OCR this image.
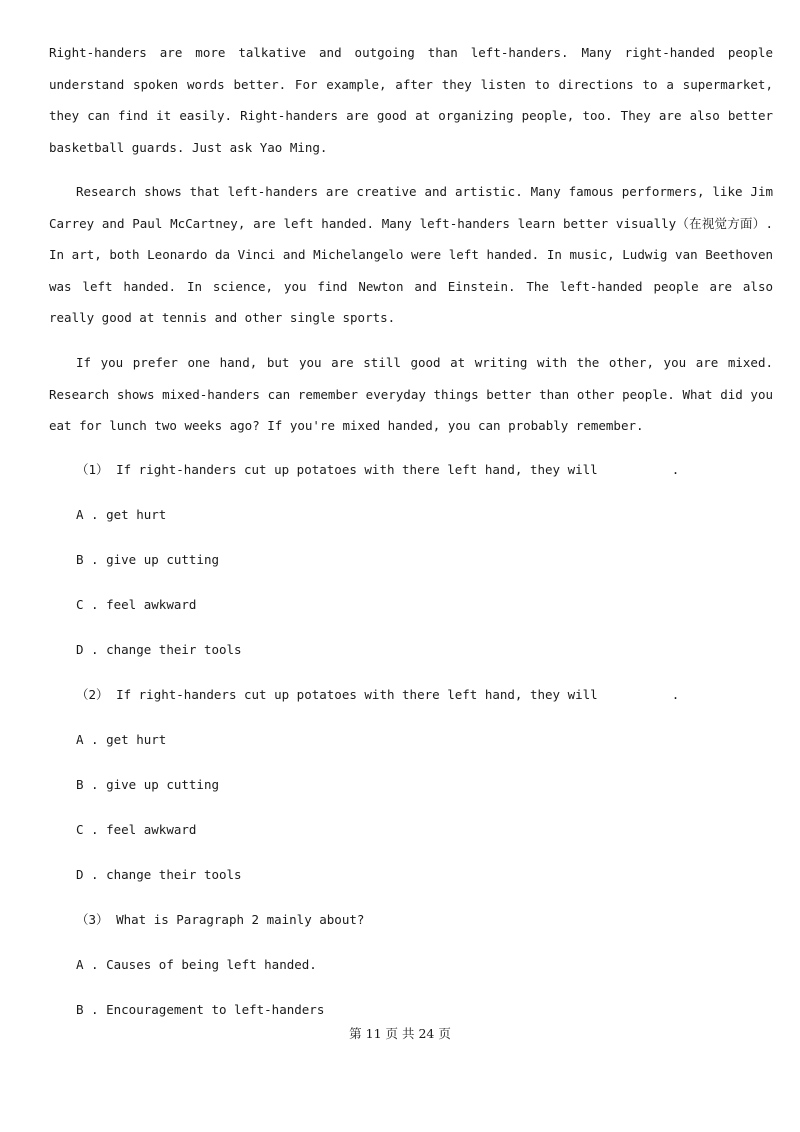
Right-handers are more talkative and outgoing than left-handers. Many right-handed people understand spoken words better. For example, after they listen to directions to a supermarket, they can find it easily. Right-handers are good at organizing people, too. They are also better basketball guards. Just ask Yao Ming.

Research shows that left-handers are creative and artistic. Many famous performers, like Jim Carrey and Paul McCartney, are left handed. Many left-handers learn better visually（在视觉方面）. In art, both Leonardo da Vinci and Michelangelo were left handed. In music, Ludwig van Beethoven was left handed. In science, you find Newton and Einstein. The left-handed people are also really good at tennis and other single sports.

If you prefer one hand, but you are still good at writing with the other, you are mixed. Research shows mixed-handers can remember everyday things better than other people. What did you eat for lunch two weeks ago? If you're mixed handed, you can probably remember.

（1） If right-handers cut up potatoes with there left hand, they will	.
A . get hurt
B . give up cutting
C . feel awkward
D . change their tools
（2） If right-handers cut up potatoes with there left hand, they will	.
A . get hurt
B . give up cutting
C . feel awkward
D . change their tools
（3） What is Paragraph 2 mainly about?
A . Causes of being left handed.
B . Encouragement to left-handers
第 11 页 共 24 页
